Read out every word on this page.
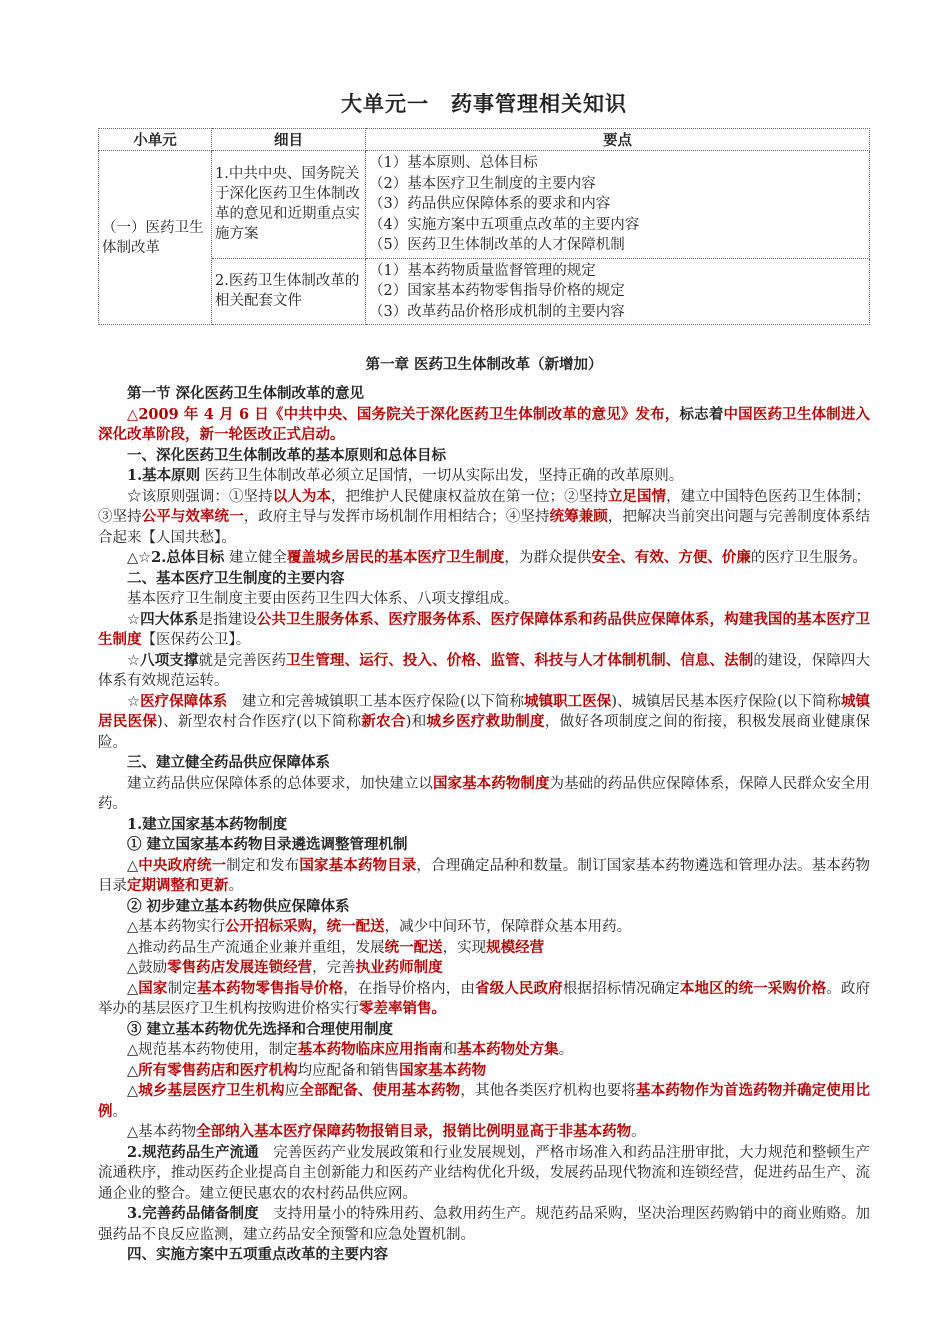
大单元一　药事管理相关知识
小单元	细目	要点
（一）医药卫生体制改革	1.中共中央、国务院关于深化医药卫生体制改革的意见和近期重点实施方案	（1）基本原则、总体目标
（2）基本医疗卫生制度的主要内容
（3）药品供应保障体系的要求和内容
（4）实施方案中五项重点改革的主要内容
（5）医药卫生体制改革的人才保障机制

	2.医药卫生体制改革的相关配套文件	（1）基本药物质量监督管理的规定
（2）国家基本药物零售指导价格的规定
（3）改革药品价格形成机制的主要内容
第一章 医药卫生体制改革（新增加）

第一节 深化医药卫生体制改革的意见

△2009 年 4 月 6 日《中共中央、国务院关于深化医药卫生体制改革的意见》发布，标志着中国医药卫生体制进入深化改革阶段，新一轮医改正式启动。

一、深化医药卫生体制改革的基本原则和总体目标

1.基本原则 医药卫生体制改革必须立足国情，一切从实际出发，坚持正确的改革原则。

☆该原则强调：①坚持以人为本，把维护人民健康权益放在第一位；②坚持立足国情，建立中国特色医药卫生体制；③坚持公平与效率统一，政府主导与发挥市场机制作用相结合；④坚持统筹兼顾，把解决当前突出问题与完善制度体系结合起来【人国共愁】。

△☆2.总体目标 建立健全覆盖城乡居民的基本医疗卫生制度，为群众提供安全、有效、方便、价廉的医疗卫生服务。

二、基本医疗卫生制度的主要内容

基本医疗卫生制度主要由医药卫生四大体系、八项支撑组成。

☆四大体系是指建设公共卫生服务体系、医疗服务体系、医疗保障体系和药品供应保障体系，构建我国的基本医疗卫生制度【医保药公卫】。

☆八项支撑就是完善医药卫生管理、运行、投入、价格、监管、科技与人才体制机制、信息、法制的建设，保障四大体系有效规范运转。

☆医疗保障体系　建立和完善城镇职工基本医疗保险(以下简称城镇职工医保)、城镇居民基本医疗保险(以下简称城镇居民医保)、新型农村合作医疗(以下简称新农合)和城乡医疗救助制度，做好各项制度之间的衔接，积极发展商业健康保险。

三、建立健全药品供应保障体系

建立药品供应保障体系的总体要求，加快建立以国家基本药物制度为基础的药品供应保障体系，保障人民群众安全用药。

1.建立国家基本药物制度

① 建立国家基本药物目录遴选调整管理机制

△中央政府统一制定和发布国家基本药物目录，合理确定品种和数量。制订国家基本药物遴选和管理办法。基本药物目录定期调整和更新。

② 初步建立基本药物供应保障体系

△基本药物实行公开招标采购，统一配送，减少中间环节，保障群众基本用药。

△推动药品生产流通企业兼并重组，发展统一配送，实现规模经营

△鼓励零售药店发展连锁经营，完善执业药师制度

△国家制定基本药物零售指导价格，在指导价格内，由省级人民政府根据招标情况确定本地区的统一采购价格。政府举办的基层医疗卫生机构按购进价格实行零差率销售。

③ 建立基本药物优先选择和合理使用制度

△规范基本药物使用，制定基本药物临床应用指南和基本药物处方集。

△所有零售药店和医疗机构均应配备和销售国家基本药物

△城乡基层医疗卫生机构应全部配备、使用基本药物，其他各类医疗机构也要将基本药物作为首选药物并确定使用比例。

△基本药物全部纳入基本医疗保障药物报销目录，报销比例明显高于非基本药物。

2.规范药品生产流通　完善医药产业发展政策和行业发展规划，严格市场准入和药品注册审批，大力规范和整顿生产流通秩序，推动医药企业提高自主创新能力和医药产业结构优化升级，发展药品现代物流和连锁经营，促进药品生产、流通企业的整合。建立便民惠农的农村药品供应网。

3.完善药品储备制度　支持用量小的特殊用药、急救用药生产。规范药品采购，坚决治理医药购销中的商业贿赂。加强药品不良反应监测，建立药品安全预警和应急处置机制。

四、实施方案中五项重点改革的主要内容
